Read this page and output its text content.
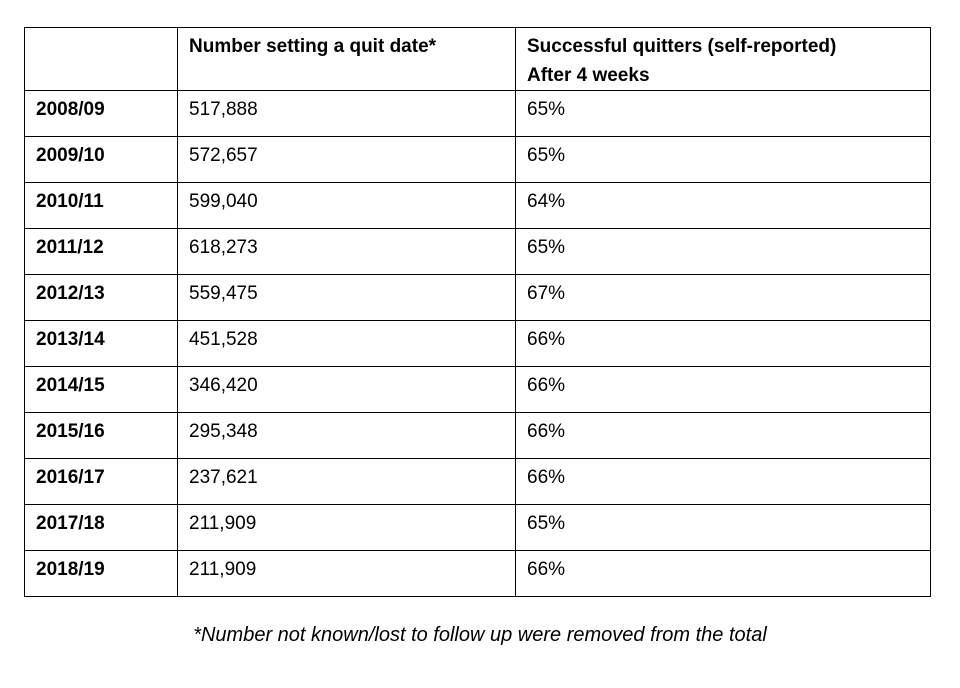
	Number setting a quit date*	Successful quitters (self-reported)
After 4 weeks

2008/09	517,888	65%
2009/10	572,657	65%
2010/11	599,040	64%
2011/12	618,273	65%
2012/13	559,475	67%
2013/14	451,528	66%
2014/15	346,420	66%
2015/16	295,348	66%
2016/17	237,621	66%
2017/18	211,909	65%
2018/19	211,909	66%
*Number not known/lost to follow up were removed from the total
